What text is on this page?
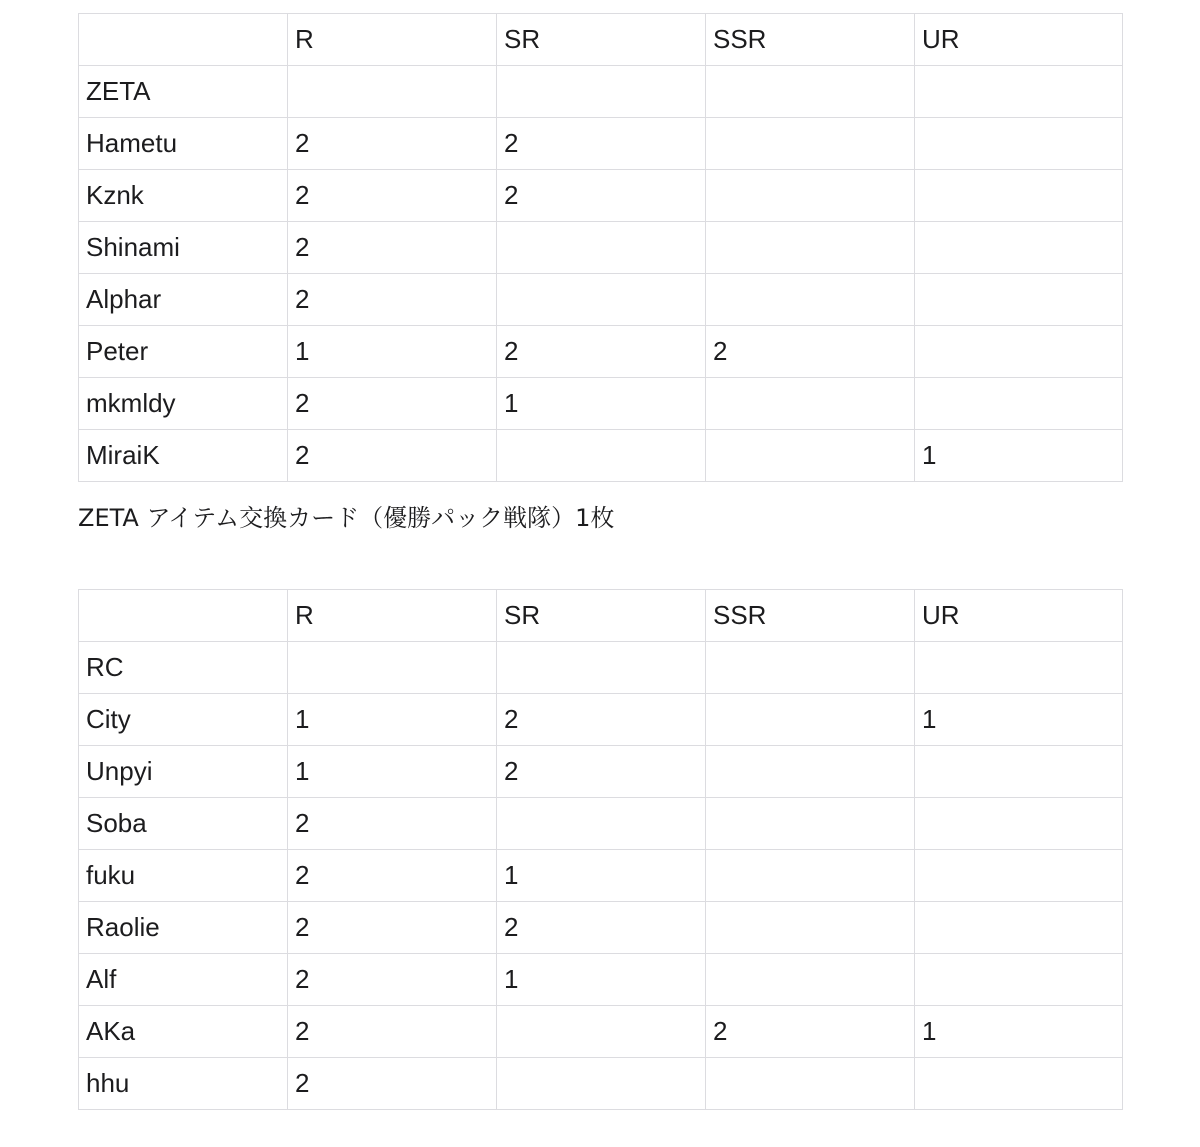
	R	SR	SSR	UR
ZETA				
Hametu	2	2		
Kznk	2	2		
Shinami	2			
Alphar	2			
Peter	1	2	2	
mkmldy	2	1		
MiraiK	2			1
ZETA アイテム交換カード（優勝パック戦隊）1枚
	R	SR	SSR	UR
RC				
City	1	2		1
Unpyi	1	2		
Soba	2			
fuku	2	1		
Raolie	2	2		
Alf	2	1		
AKa	2		2	1
hhu	2			
